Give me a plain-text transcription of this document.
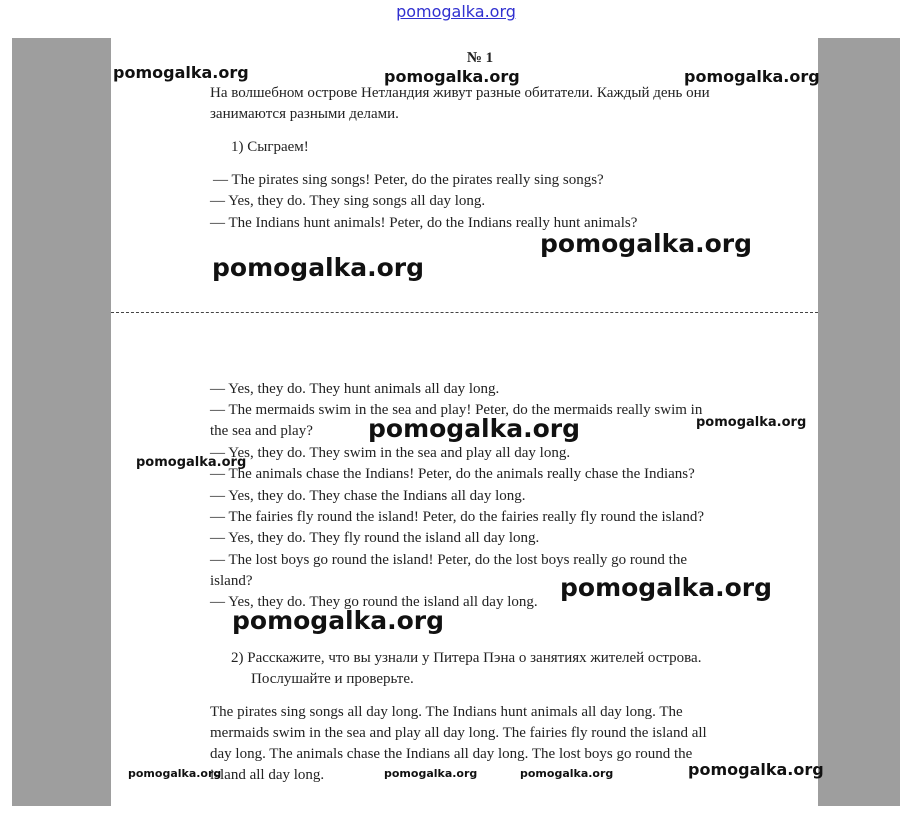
pomogalka.org
№ 1
На волшебном острове Нетландия живут разные обитатели. Каждый день они
занимаются разными делами.
1) Сыграем!
— The pirates sing songs! Peter, do the pirates really sing songs?
— Yes, they do. They sing songs all day long.
— The Indians hunt animals! Peter, do the Indians really hunt animals?
— Yes, they do. They hunt animals all day long.
— The mermaids swim in the sea and play! Peter, do the mermaids really swim in
the sea and play?
— Yes, they do. They swim in the sea and play all day long.
— The animals chase the Indians! Peter, do the animals really chase the Indians?
— Yes, they do. They chase the Indians all day long.
— The fairies fly round the island! Peter, do the fairies really fly round the island?
— Yes, they do. They fly round the island all day long.
— The lost boys go round the island! Peter, do the lost boys really go round the
island?
— Yes, they do. They go round the island all day long.
2) Расскажите, что вы узнали у Питера Пэна о занятиях жителей острова.
Послушайте и проверьте.
The pirates sing songs all day long. The Indians hunt animals all day long. The
mermaids swim in the sea and play all day long. The fairies fly round the island all
day long. The animals chase the Indians all day long. The lost boys go round the
island all day long.
pomogalka.org	pomogalka.org	pomogalka.org
pomogalka.org
pomogalka.org
pomogalka.org	pomogalka.org
pomogalka.org
pomogalka.org
pomogalka.org
pomogalka.org	pomogalka.org	pomogalka.org	pomogalka.org
